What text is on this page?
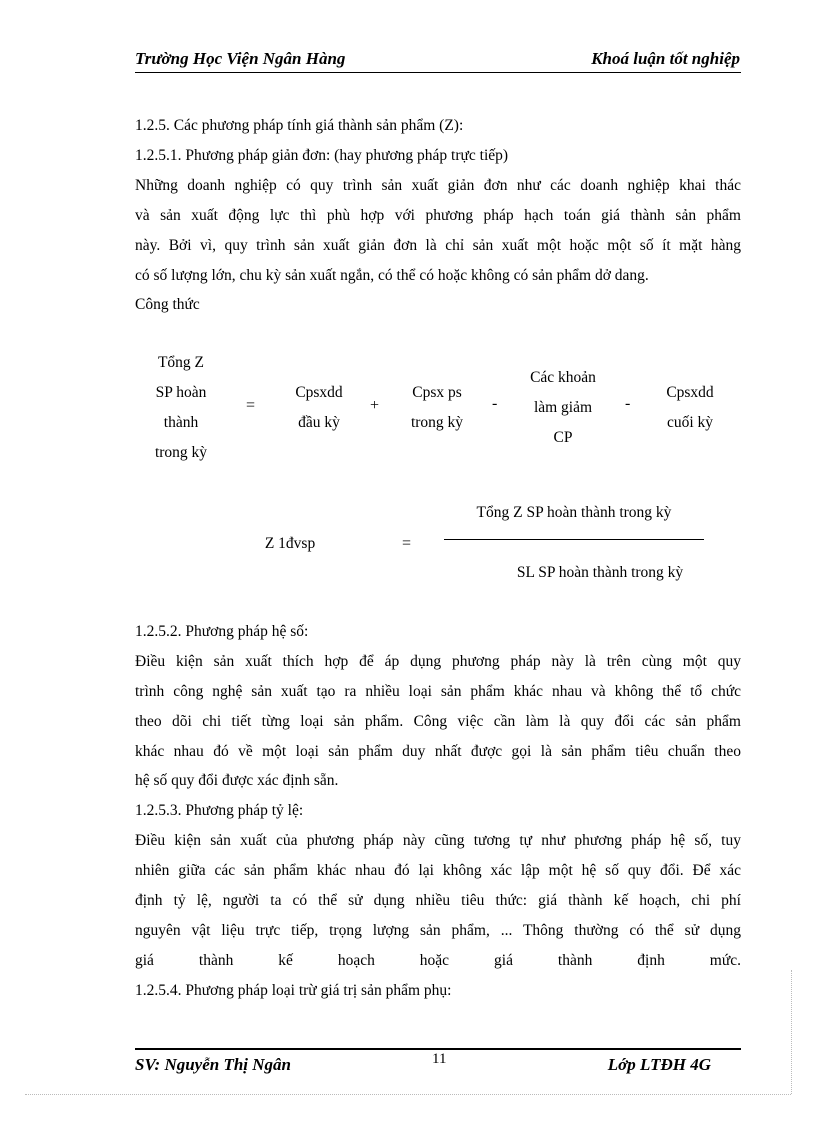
Trường Học Viện Ngân Hàng	Khoá luận tốt nghiệp
1.2.5. Các phương pháp tính giá thành sản phẩm (Z):
1.2.5.1. Phương pháp giản đơn: (hay phương pháp trực tiếp)
Những doanh nghiệp có quy trình sản xuất giản đơn như các doanh nghiệp khai thác
và sản xuất động lực thì phù hợp với phương pháp hạch toán giá thành sản phẩm
này. Bởi vì, quy trình sản xuất giản đơn là chỉ sản xuất một hoặc một số ít mặt hàng
có số lượng lớn, chu kỳ sản xuất ngắn, có thể có hoặc không có sản phẩm dở dang.
Công thức
Tổng Z
SP hoàn
thành
trong kỳ
=
Cpsxdd
đầu kỳ
+
Cpsx ps
trong kỳ
-
Các khoản
làm giảm
CP
-
Cpsxdd
cuối kỳ
Z 1đvsp	=
Tổng Z SP hoàn thành trong kỳ
SL SP hoàn thành trong kỳ
1.2.5.2. Phương pháp hệ số:
Điều kiện sản xuất thích hợp để áp dụng phương pháp này là trên cùng một quy
trình công nghệ sản xuất tạo ra nhiều loại sản phẩm khác nhau và không thể tổ chức
theo dõi chi tiết từng loại sản phẩm. Công việc cần làm là quy đổi các sản phẩm
khác nhau đó về một loại sản phẩm duy nhất được gọi là sản phẩm tiêu chuẩn theo
hệ số quy đổi được xác định sẵn.
1.2.5.3. Phương pháp tỷ lệ:
Điều kiện sản xuất của phương pháp này cũng tương tự như phương pháp hệ số, tuy
nhiên giữa các sản phẩm khác nhau đó lại không xác lập một hệ số quy đổi. Để xác
định tỷ lệ, người ta có thể sử dụng nhiều tiêu thức: giá thành kế hoạch, chi phí
nguyên vật liệu trực tiếp, trọng lượng sản phẩm, ... Thông thường có thể sử dụng
giá thành kế hoạch hoặc giá thành định mức.
1.2.5.4. Phương pháp loại trừ giá trị sản phẩm phụ:
SV: Nguyễn Thị Ngân	11	Lớp LTĐH 4G
